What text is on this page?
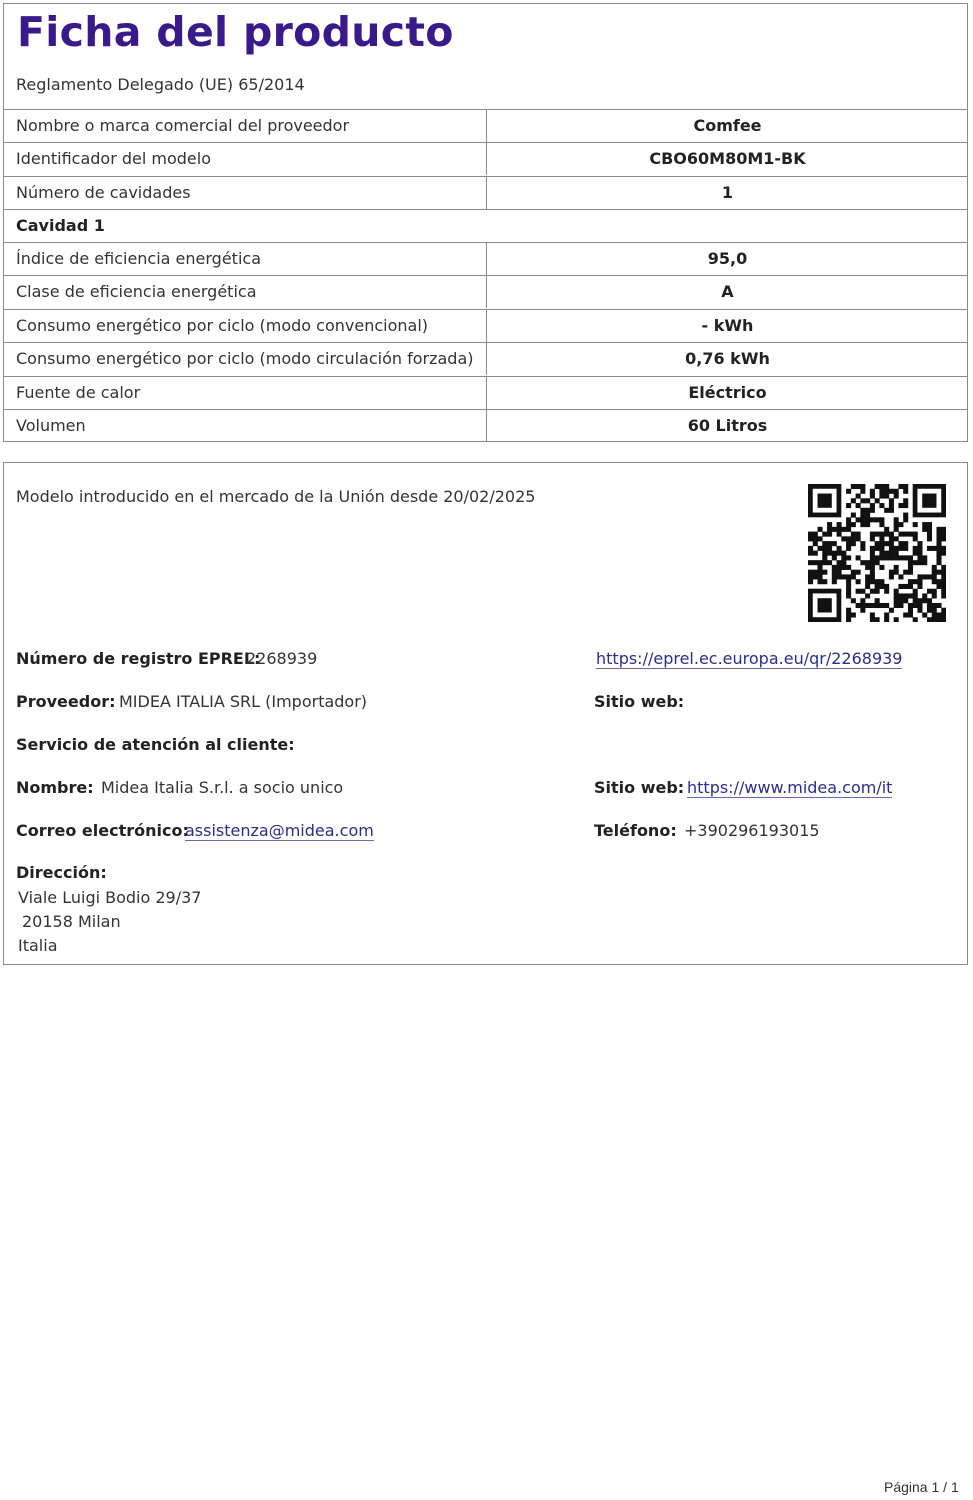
Ficha del producto
Reglamento Delegado (UE) 65/2014
Nombre o marca comercial del proveedor	Comfee
Identificador del modelo	CBO60M80M1-BK
Número de cavidades	1
Cavidad 1
Índice de eficiencia energética	95,0
Clase de eficiencia energética	A
Consumo energético por ciclo (modo convencional)	- kWh
Consumo energético por ciclo (modo circulación forzada)	0,76 kWh
Fuente de calor	Eléctrico
Volumen	60 Litros
Modelo introducido en el mercado de la Unión desde 20/02/2025
Número de registro EPREL:
2268939	https://eprel.ec.europa.eu/qr/2268939
Proveedor: MIDEA ITALIA SRL (Importador)	Sitio web:
Servicio de atención al cliente:
Nombre: Midea Italia S.r.l. a socio unico	Sitio web: https://www.midea.com/it
Correo electrónico:
assistenza@midea.com	Teléfono: +390296193015
Dirección:
Viale Luigi Bodio 29/37
20158 Milan
Italia
Página 1 / 1
